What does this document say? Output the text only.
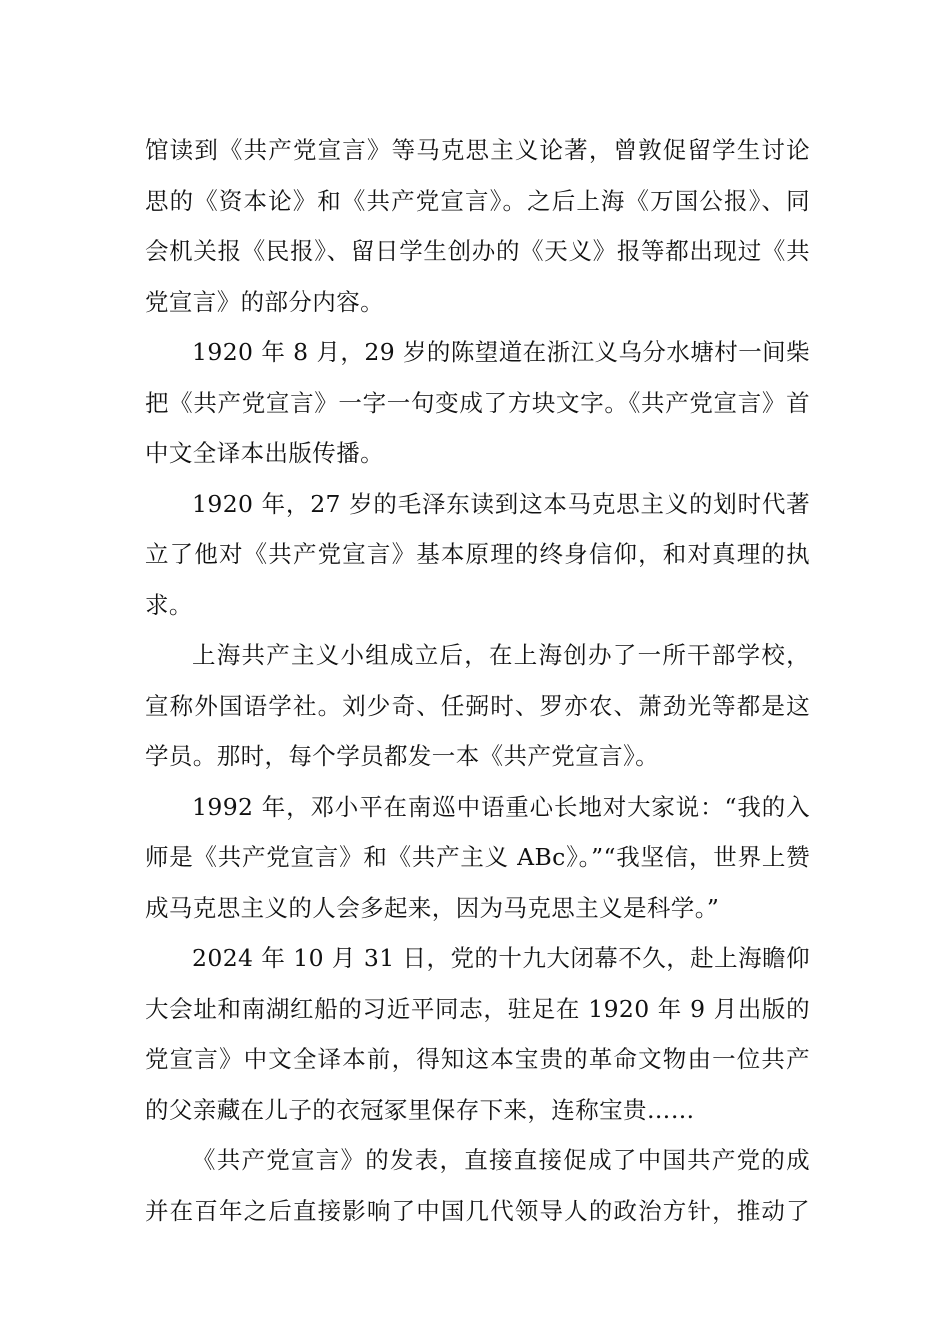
馆读到《共产党宣言》等马克思主义论著，曾敦促留学生讨论
思的《资本论》和《共产党宣言》。之后上海《万国公报》、同
会机关报《民报》、留日学生创办的《天义》报等都出现过《共
党宣言》的部分内容。
1920 年 8 月，29 岁的陈望道在浙江义乌分水塘村一间柴
把《共产党宣言》一字一句变成了方块文字。《共产党宣言》首
中文全译本出版传播。
1920 年，27 岁的毛泽东读到这本马克思主义的划时代著
立了他对《共产党宣言》基本原理的终身信仰，和对真理的执
求。
上海共产主义小组成立后，在上海创办了一所干部学校，
宣称外国语学社。刘少奇、任弼时、罗亦农、萧劲光等都是这
学员。那时，每个学员都发一本《共产党宣言》。
1992 年，邓小平在南巡中语重心长地对大家说：“我的入
师是《共产党宣言》和《共产主义 ABc》。”“我坚信，世界上赞
成马克思主义的人会多起来，因为马克思主义是科学。”
2024 年 10 月 31 日，党的十九大闭幕不久，赴上海瞻仰
大会址和南湖红船的习近平同志，驻足在 1920 年 9 月出版的
党宣言》中文全译本前，得知这本宝贵的革命文物由一位共产
的父亲藏在儿子的衣冠冢里保存下来，连称宝贵……
《共产党宣言》的发表，直接直接促成了中国共产党的成
并在百年之后直接影响了中国几代领导人的政治方针，推动了
